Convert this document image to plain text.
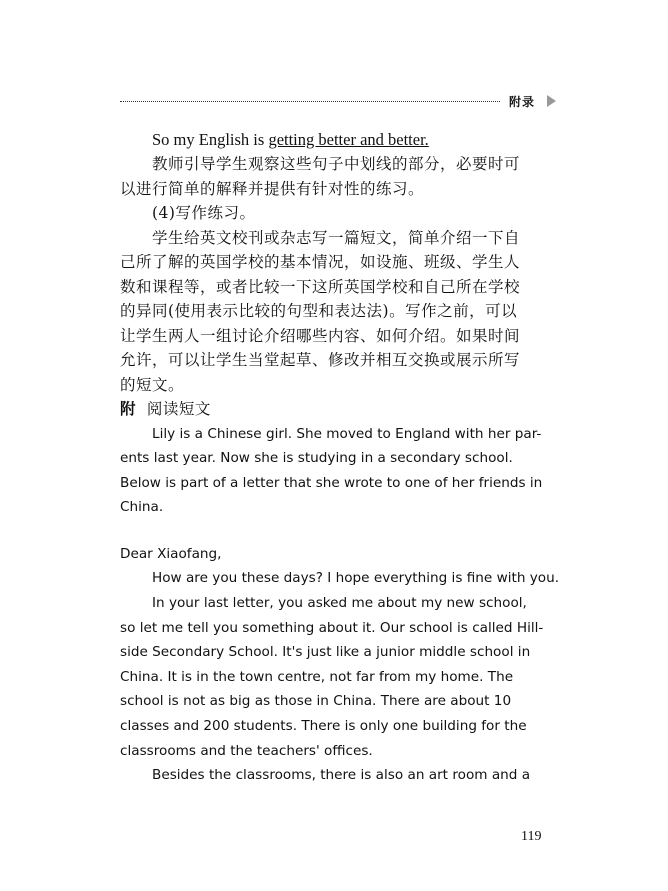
附录
So my English is getting better and better.
教师引导学生观察这些句子中划线的部分，必要时可
以进行简单的解释并提供有针对性的练习。
(4)写作练习。
学生给英文校刊或杂志写一篇短文，简单介绍一下自
己所了解的英国学校的基本情况，如设施、班级、学生人
数和课程等，或者比较一下这所英国学校和自己所在学校
的异同(使用表示比较的句型和表达法)。写作之前，可以
让学生两人一组讨论介绍哪些内容、如何介绍。如果时间
允许，可以让学生当堂起草、修改并相互交换或展示所写
的短文。
附 阅读短文
Lily is a Chinese girl. She moved to England with her par-
ents last year. Now she is studying in a secondary school.
Below is part of a letter that she wrote to one of her friends in
China.
Dear Xiaofang,
How are you these days? I hope everything is fine with you.
In your last letter, you asked me about my new school,
so let me tell you something about it. Our school is called Hill-
side Secondary School. It's just like a junior middle school in
China. It is in the town centre, not far from my home. The
school is not as big as those in China. There are about 10
classes and 200 students. There is only one building for the
classrooms and the teachers' offices.
Besides the classrooms, there is also an art room and a
119
